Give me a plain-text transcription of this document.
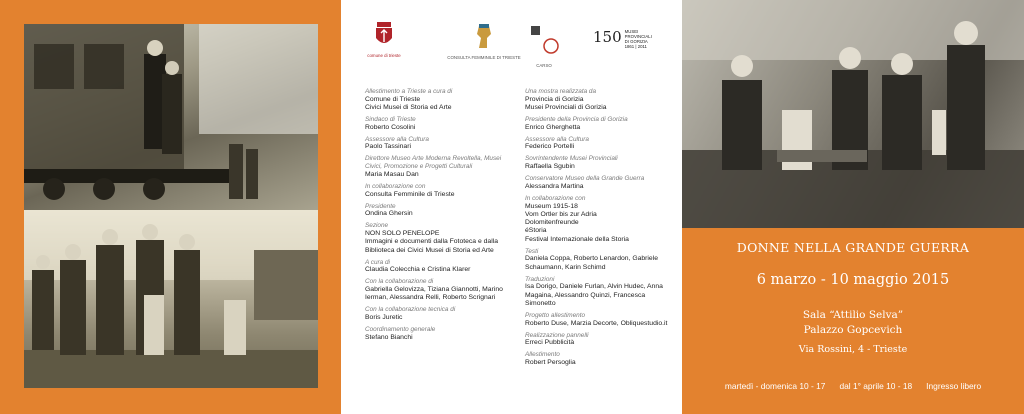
comune di trieste	CONSULTA FEMMINILE DI TRIESTE
CARSO
150 MUSEI
PROVINCIALI
DI GORIZIA
1861 | 2011
Allestimento a Trieste a cura di
Comune di Trieste
Civici Musei di Storia ed Arte
Sindaco di Trieste
Roberto Cosolini
Assessore alla Cultura
Paolo Tassinari
Direttore Museo Arte Moderna Revoltella, Musei Civici, Promozione e Progetti Culturali
Maria Masau Dan
In collaborazione con
Consulta Femminile di Trieste
Presidente
Ondina Ghersin
Sezione
NON SOLO PENELOPE
Immagini e documenti dalla Fototeca e dalla Biblioteca dei Civici Musei di Storia ed Arte
A cura di
Claudia Colecchia e Cristina Klarer
Con la collaborazione di
Gabriella Gelovizza, Tiziana Giannotti, Marino Ierman, Alessandra Relli, Roberto Scrignari
Con la collaborazione tecnica di
Boris Juretic
Coordinamento generale
Stefano Bianchi
Una mostra realizzata da
Provincia di Gorizia
Musei Provinciali di Gorizia
Presidente della Provincia di Gorizia
Enrico Gherghetta
Assessore alla Cultura
Federico Portelli
Sovrintendente Musei Provinciali
Raffaella Sgubin
Conservatore Museo della Grande Guerra
Alessandra Martina
In collaborazione con
Museum 1915-18
Vom Ortler bis zur Adria
Dolomitenfreunde
éStoria
Festival Internazionale della Storia
Testi
Daniela Coppa, Roberto Lenardon, Gabriele Schaumann, Karin Schimd
Traduzioni
Isa Dorigo, Daniele Furlan, Alvin Hudec, Anna Magaina, Alessandro Quinzi, Francesca Simonetto
Progetto allestimento
Roberto Duse, Marzia Decorte, Obliquestudio.it
Realizzazione pannelli
Erreci Pubblicità
Allestimento
Robert Persoglia
DONNE NELLA GRANDE GUERRA
6 marzo - 10 maggio 2015
Sala “Attilio Selva”
Palazzo Gopcevich
Via Rossini, 4 - Trieste
martedì - domenica 10 - 17 dal 1° aprile 10 - 18 Ingresso libero
